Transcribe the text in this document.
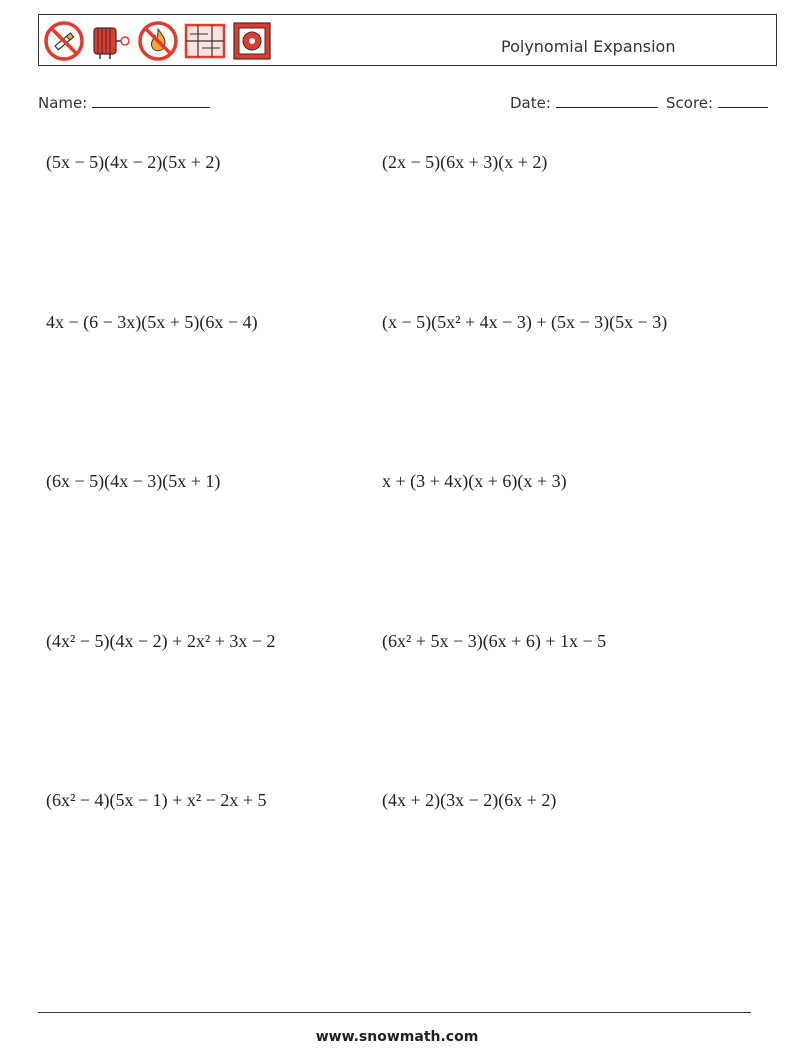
Polynomial Expansion
Name:	Date:	Score:
(5x − 5)(4x − 2)(5x + 2)	(2x − 5)(6x + 3)(x + 2)
4x − (6 − 3x)(5x + 5)(6x − 4)	(x − 5)(5x² + 4x − 3) + (5x − 3)(5x − 3)
(6x − 5)(4x − 3)(5x + 1)	x + (3 + 4x)(x + 6)(x + 3)
(4x² − 5)(4x − 2) + 2x² + 3x − 2	(6x² + 5x − 3)(6x + 6) + 1x − 5
(6x² − 4)(5x − 1) + x² − 2x + 5	(4x + 2)(3x − 2)(6x + 2)
www.snowmath.com
